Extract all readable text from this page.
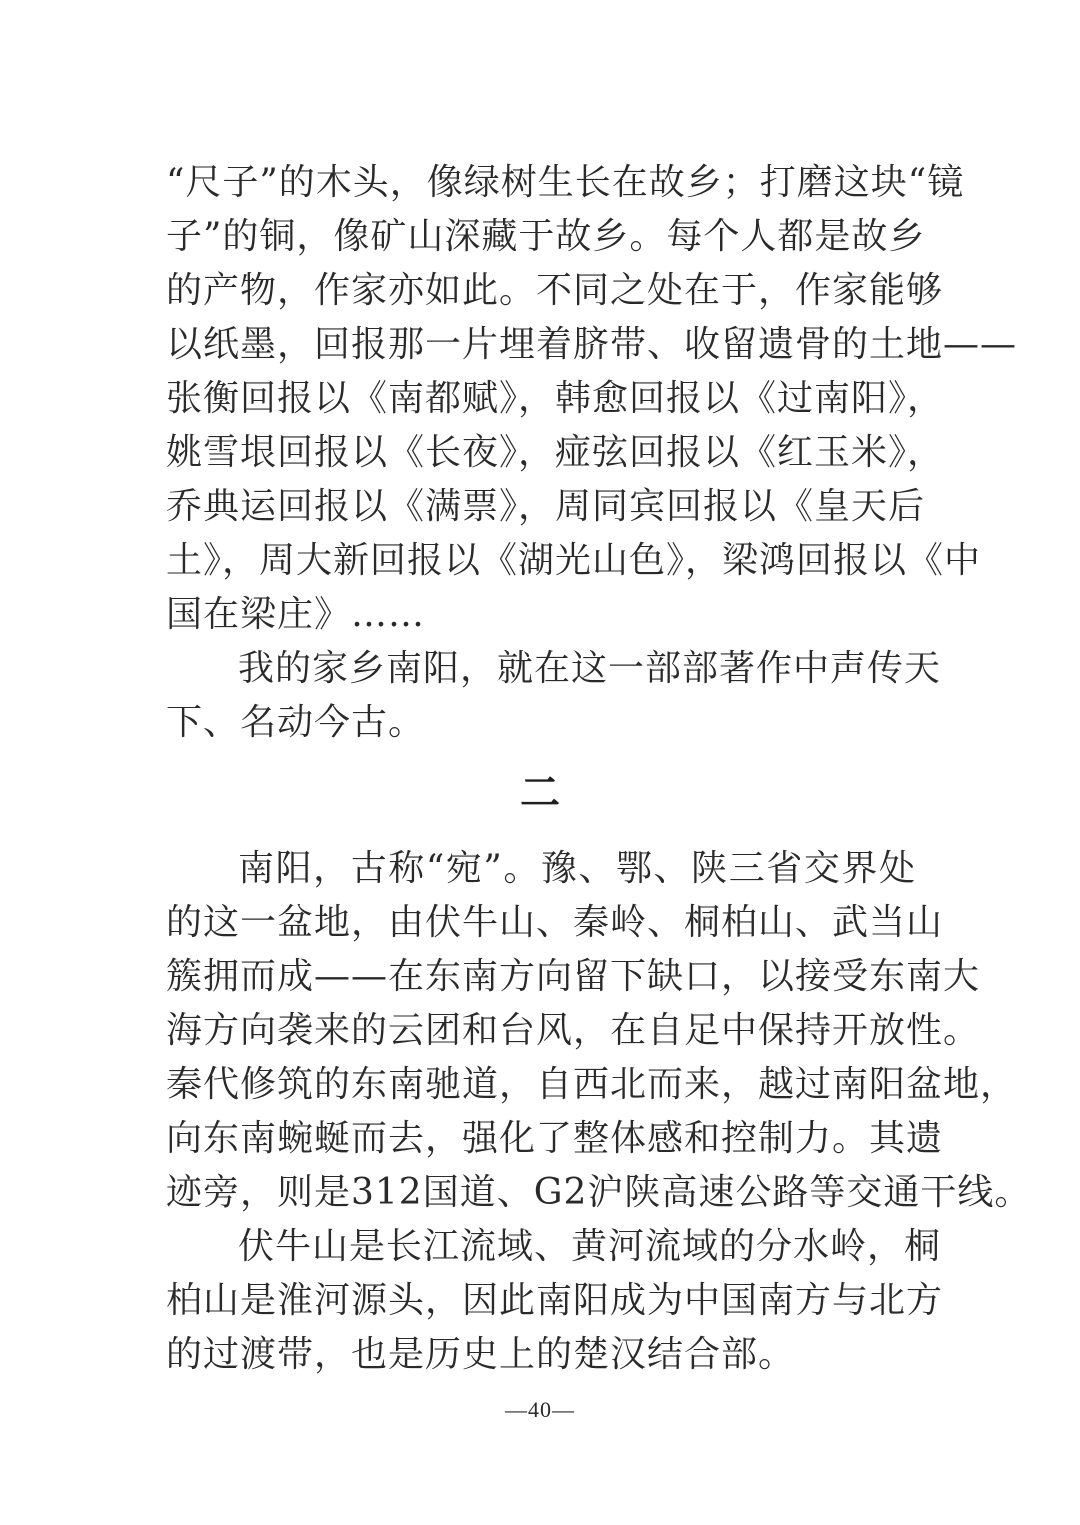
“尺子”的木头，像绿树生长在故乡；打磨这块“镜
子”的铜，像矿山深藏于故乡。每个人都是故乡
的产物，作家亦如此。不同之处在于，作家能够
以纸墨，回报那一片埋着脐带、收留遗骨的土地——
张衡回报以《南都赋》，韩愈回报以《过南阳》，
姚雪垠回报以《长夜》，痖弦回报以《红玉米》，
乔典运回报以《满票》，周同宾回报以《皇天后
土》，周大新回报以《湖光山色》，梁鸿回报以《中
国在梁庄》……
我的家乡南阳，就在这一部部著作中声传天
下、名动今古。
二
南阳，古称“宛”。豫、鄂、陕三省交界处
的这一盆地，由伏牛山、秦岭、桐柏山、武当山
簇拥而成——在东南方向留下缺口，以接受东南大
海方向袭来的云团和台风，在自足中保持开放性。
秦代修筑的东南驰道，自西北而来，越过南阳盆地，
向东南蜿蜒而去，强化了整体感和控制力。其遗
迹旁，则是312国道、G2沪陕高速公路等交通干线。
伏牛山是长江流域、黄河流域的分水岭，桐
柏山是淮河源头，因此南阳成为中国南方与北方
的过渡带，也是历史上的楚汉结合部。
—40—
